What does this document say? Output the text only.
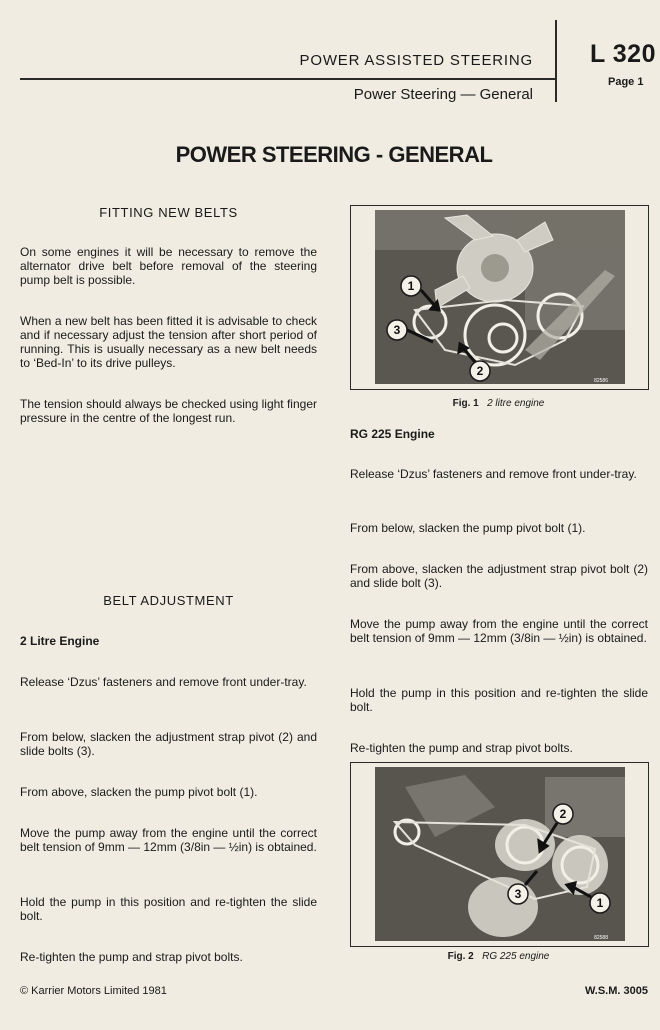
POWER ASSISTED STEERING
Power Steering — General
L 320
Page 1
POWER STEERING - GENERAL
FITTING NEW BELTS
On some engines it will be necessary to remove the alternator drive belt before removal of the steering pump belt is possible.
When a new belt has been fitted it is advisable to check and if necessary adjust the tension after short period of running. This is usually necessary as a new belt needs to ‘Bed-In’ to its drive pulleys.
The tension should always be checked using light finger pressure in the centre of the longest run.
BELT ADJUSTMENT
2 Litre Engine
Release ‘Dzus’ fasteners and remove front under-tray.
From below, slacken the adjustment strap pivot (2) and slide bolts (3).
From above, slacken the pump pivot bolt (1).
Move the pump away from the engine until the correct belt tension of 9mm — 12mm (3/8in — ½in) is obtained.
Hold the pump in this position and re-tighten the slide bolt.
Re-tighten the pump and strap pivot bolts.
1
3
2
82586
Fig. 1 2 litre engine
RG 225 Engine
Release ‘Dzus’ fasteners and remove front under-tray.
From below, slacken the pump pivot bolt (1).
From above, slacken the adjustment strap pivot bolt (2) and slide bolt (3).
Move the pump away from the engine until the correct belt tension of 9mm — 12mm (3/8in — ½in) is obtained.
Hold the pump in this position and re-tighten the slide bolt.
Re-tighten the pump and strap pivot bolts.
2
3
1
82588
Fig. 2 RG 225 engine
© Karrier Motors Limited 1981	W.S.M. 3005
